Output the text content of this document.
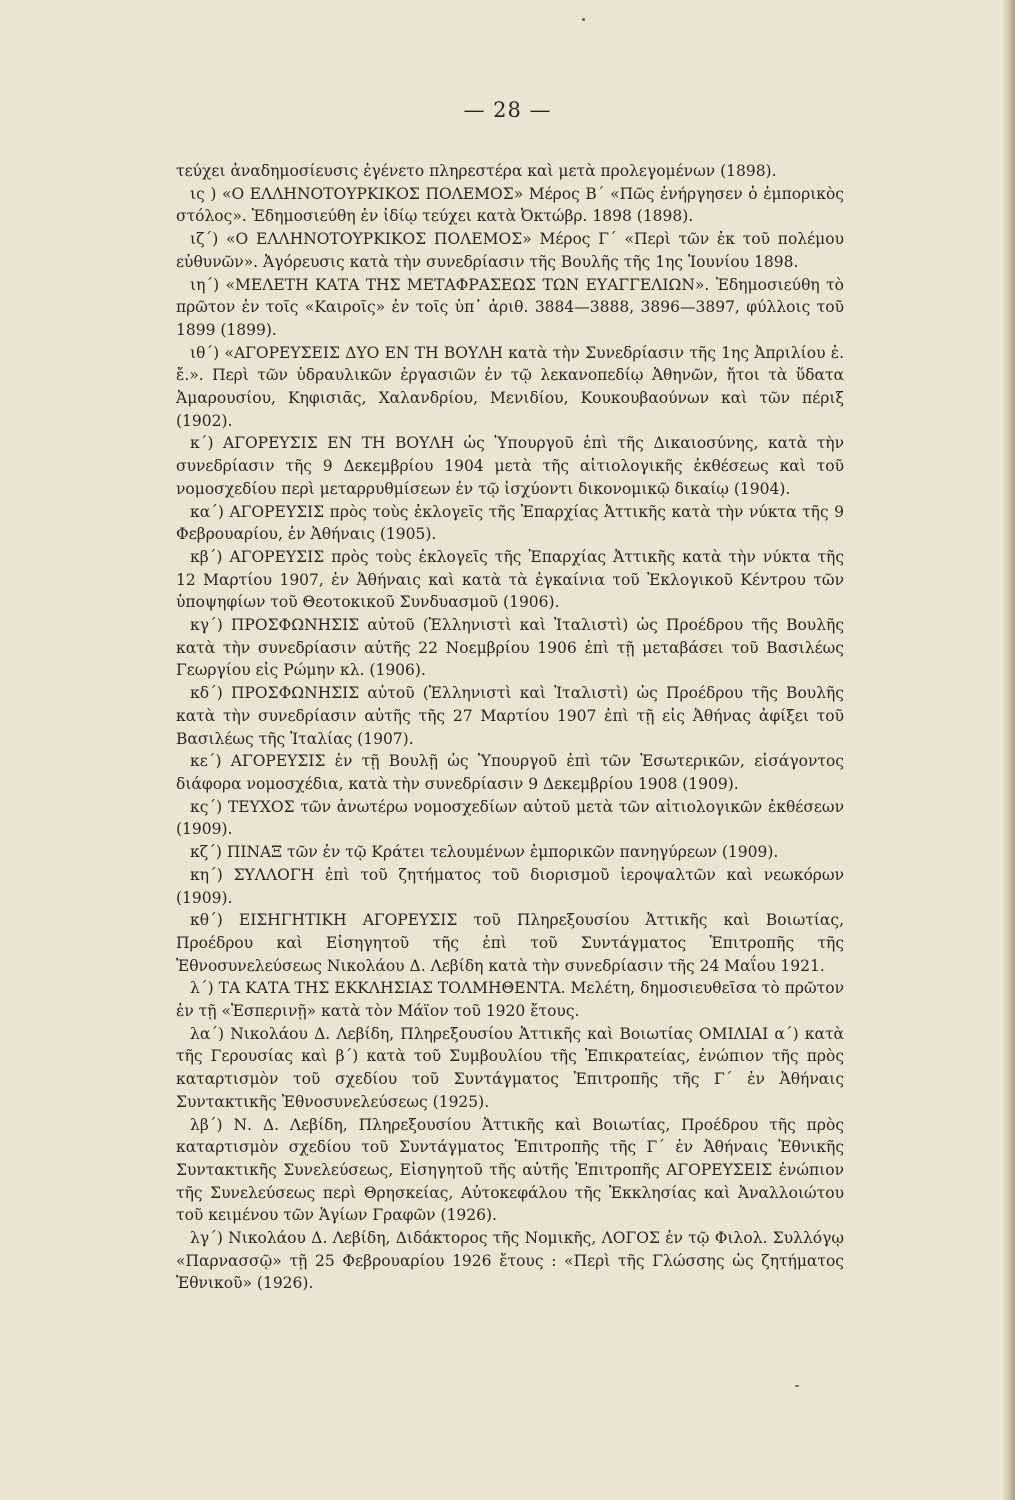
— 28 —

τεύχει ἀναδημοσίευσις ἐγένετο πληρεστέρα καὶ μετὰ προλεγομένων (1898).

ις ) «Ο ΕΛΛΗΝΟΤΟΥΡΚΙΚΟΣ ΠΟΛΕΜΟΣ» Μέρος Β΄ «Πῶς ἐνήργησεν ὁ ἐμπορικὸς στόλος». Ἐδημοσιεύθη ἐν ἰδίῳ τεύχει κατὰ Ὀκτώβρ. 1898 (1898).

ιζ΄) «Ο ΕΛΛΗΝΟΤΟΥΡΚΙΚΟΣ ΠΟΛΕΜΟΣ» Μέρος Γ΄ «Περὶ τῶν ἐκ τοῦ πολέμου εὐθυνῶν». Ἀγόρευσις κατὰ τὴν συνεδρίασιν τῆς Βουλῆς τῆς 1ης Ἰουνίου 1898.

ιη΄) «ΜΕΛΕΤΗ ΚΑΤΑ ΤΗΣ ΜΕΤΑΦΡΑΣΕΩΣ ΤΩΝ ΕΥΑΓΓΕΛΙΩΝ». Ἐδημοσιεύθη τὸ πρῶτον ἐν τοῖς «Καιροῖς» ἐν τοῖς ὑπ᾽ ἀριθ. 3884—3888, 3896—3897, φύλλοις τοῦ 1899 (1899).

ιθ΄) «ΑΓΟΡΕΥΣΕΙΣ ΔΥΟ ΕΝ ΤΗ ΒΟΥΛΗ κατὰ τὴν Συνεδρίασιν τῆς 1ης Ἀπριλίου ἐ. ἔ.». Περὶ τῶν ὑδραυλικῶν ἐργασιῶν ἐν τῷ λεκανοπεδίῳ Ἀθηνῶν, ἤτοι τὰ ὕδατα Ἀμαρουσίου, Κηφισιᾶς, Χαλανδρίου, Μενιδίου, Κουκουβαούνων καὶ τῶν πέριξ (1902).

κ΄) ΑΓΟΡΕΥΣΙΣ ΕΝ ΤΗ ΒΟΥΛΗ ὡς Ὑπουργοῦ ἐπὶ τῆς Δικαιοσύνης, κατὰ τὴν συνεδρίασιν τῆς 9 Δεκεμβρίου 1904 μετὰ τῆς αἰτιολογικῆς ἐκθέσεως καὶ τοῦ νομοσχεδίου περὶ μεταρρυθμίσεων ἐν τῷ ἰσχύοντι δικονομικῷ δικαίῳ (1904).

κα΄) ΑΓΟΡΕΥΣΙΣ πρὸς τοὺς ἐκλογεῖς τῆς Ἐπαρχίας Ἀττικῆς κατὰ τὴν νύκτα τῆς 9 Φεβρουαρίου, ἐν Ἀθήναις (1905).

κβ΄) ΑΓΟΡΕΥΣΙΣ πρὸς τοὺς ἐκλογεῖς τῆς Ἐπαρχίας Ἀττικῆς κατὰ τὴν νύκτα τῆς 12 Μαρτίου 1907, ἐν Ἀθήναις καὶ κατὰ τὰ ἐγκαίνια τοῦ Ἐκλογικοῦ Κέντρου τῶν ὑποψηφίων τοῦ Θεοτοκικοῦ Συνδυασμοῦ (1906).

κγ΄) ΠΡΟΣΦΩΝΗΣΙΣ αὐτοῦ (Ἑλληνιστὶ καὶ Ἰταλιστὶ) ὡς Προέδρου τῆς Βουλῆς κατὰ τὴν συνεδρίασιν αὐτῆς 22 Νοεμβρίου 1906 ἐπὶ τῇ μεταβάσει τοῦ Βασιλέως Γεωργίου εἰς Ρώμην κλ. (1906).

κδ΄) ΠΡΟΣΦΩΝΗΣΙΣ αὐτοῦ (Ἑλληνιστὶ καὶ Ἰταλιστὶ) ὡς Προέδρου τῆς Βουλῆς κατὰ τὴν συνεδρίασιν αὐτῆς τῆς 27 Μαρτίου 1907 ἐπὶ τῇ εἰς Ἀθήνας ἀφίξει τοῦ Βασιλέως τῆς Ἰταλίας (1907).

κε΄) ΑΓΟΡΕΥΣΙΣ ἐν τῇ Βουλῇ ὡς Ὑπουργοῦ ἐπὶ τῶν Ἐσωτερικῶν, εἰσάγοντος διάφορα νομοσχέδια, κατὰ τὴν συνεδρίασιν 9 Δεκεμβρίου 1908 (1909).

κς΄) ΤΕΥΧΟΣ τῶν ἀνωτέρω νομοσχεδίων αὐτοῦ μετὰ τῶν αἰτιολογικῶν ἐκθέσεων (1909).

κζ΄) ΠΙΝΑΞ τῶν ἐν τῷ Κράτει τελουμένων ἐμπορικῶν πανηγύρεων (1909).

κη΄) ΣΥΛΛΟΓΗ ἐπὶ τοῦ ζητήματος τοῦ διορισμοῦ ἱεροψαλτῶν καὶ νεωκόρων (1909).

κθ΄) ΕΙΣΗΓΗΤΙΚΗ ΑΓΟΡΕΥΣΙΣ τοῦ Πληρεξουσίου Ἀττικῆς καὶ Βοιωτίας, Προέδρου καὶ Εἰσηγητοῦ τῆς ἐπὶ τοῦ Συντάγματος Ἐπιτροπῆς τῆς Ἐθνοσυνελεύσεως Νικολάου Δ. Λεβίδη κατὰ τὴν συνεδρίασιν τῆς 24 Μαΐου 1921.

λ΄) ΤΑ ΚΑΤΑ ΤΗΣ ΕΚΚΛΗΣΙΑΣ ΤΟΛΜΗΘΕΝΤΑ. Μελέτη, δημοσιευθεῖσα τὸ πρῶτον ἐν τῇ «Ἑσπερινῇ» κατὰ τὸν Μάϊον τοῦ 1920 ἔτους.

λα΄) Νικολάου Δ. Λεβίδη, Πληρεξουσίου Ἀττικῆς καὶ Βοιωτίας ΟΜΙΛΙΑΙ α΄) κατὰ τῆς Γερουσίας καὶ β΄) κατὰ τοῦ Συμβουλίου τῆς Ἐπικρατείας, ἐνώπιον τῆς πρὸς καταρτισμὸν τοῦ σχεδίου τοῦ Συντάγματος Ἐπιτροπῆς τῆς Γ΄ ἐν Ἀθήναις Συντακτικῆς Ἐθνοσυνελεύσεως (1925).

λβ΄) Ν. Δ. Λεβίδη, Πληρεξουσίου Ἀττικῆς καὶ Βοιωτίας, Προέδρου τῆς πρὸς καταρτισμὸν σχεδίου τοῦ Συντάγματος Ἐπιτροπῆς τῆς Γ΄ ἐν Ἀθήναις Ἐθνικῆς Συντακτικῆς Συνελεύσεως, Εἰσηγητοῦ τῆς αὐτῆς Ἐπιτροπῆς ΑΓΟΡΕΥΣΕΙΣ ἐνώπιον τῆς Συνελεύσεως περὶ Θρησκείας, Αὐτοκεφάλου τῆς Ἐκκλησίας καὶ Ἀναλλοιώτου τοῦ κειμένου τῶν Ἁγίων Γραφῶν (1926).

λγ΄) Νικολάου Δ. Λεβίδη, Διδάκτορος τῆς Νομικῆς, ΛΟΓΟΣ ἐν τῷ Φιλολ. Συλλόγῳ «Παρνασσῷ» τῇ 25 Φεβρουαρίου 1926 ἔτους : «Περὶ τῆς Γλώσσης ὡς ζητήματος Ἐθνικοῦ» (1926).
